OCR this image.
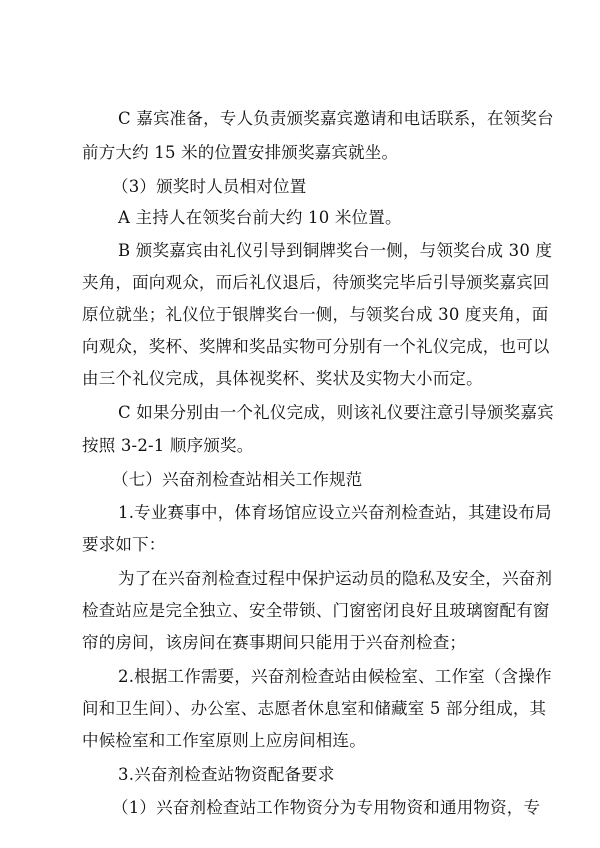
C 嘉宾准备，专人负责颁奖嘉宾邀请和电话联系，在领奖台
前方大约 15 米的位置安排颁奖嘉宾就坐。
（3）颁奖时人员相对位置
A 主持人在领奖台前大约 10 米位置。
B 颁奖嘉宾由礼仪引导到铜牌奖台一侧，与领奖台成 30 度
夹角，面向观众，而后礼仪退后，待颁奖完毕后引导颁奖嘉宾回
原位就坐；礼仪位于银牌奖台一侧，与领奖台成 30 度夹角，面
向观众，奖杯、奖牌和奖品实物可分别有一个礼仪完成，也可以
由三个礼仪完成，具体视奖杯、奖状及实物大小而定。
C 如果分别由一个礼仪完成，则该礼仪要注意引导颁奖嘉宾
按照 3-2-1 顺序颁奖。
（七）兴奋剂检查站相关工作规范
1.专业赛事中，体育场馆应设立兴奋剂检查站，其建设布局
要求如下：
为了在兴奋剂检查过程中保护运动员的隐私及安全，兴奋剂
检查站应是完全独立、安全带锁、门窗密闭良好且玻璃窗配有窗
帘的房间，该房间在赛事期间只能用于兴奋剂检查；
2.根据工作需要，兴奋剂检查站由候检室、工作室（含操作
间和卫生间）、办公室、志愿者休息室和储藏室 5 部分组成，其
中候检室和工作室原则上应房间相连。
3.兴奋剂检查站物资配备要求
（1）兴奋剂检查站工作物资分为专用物资和通用物资，专
